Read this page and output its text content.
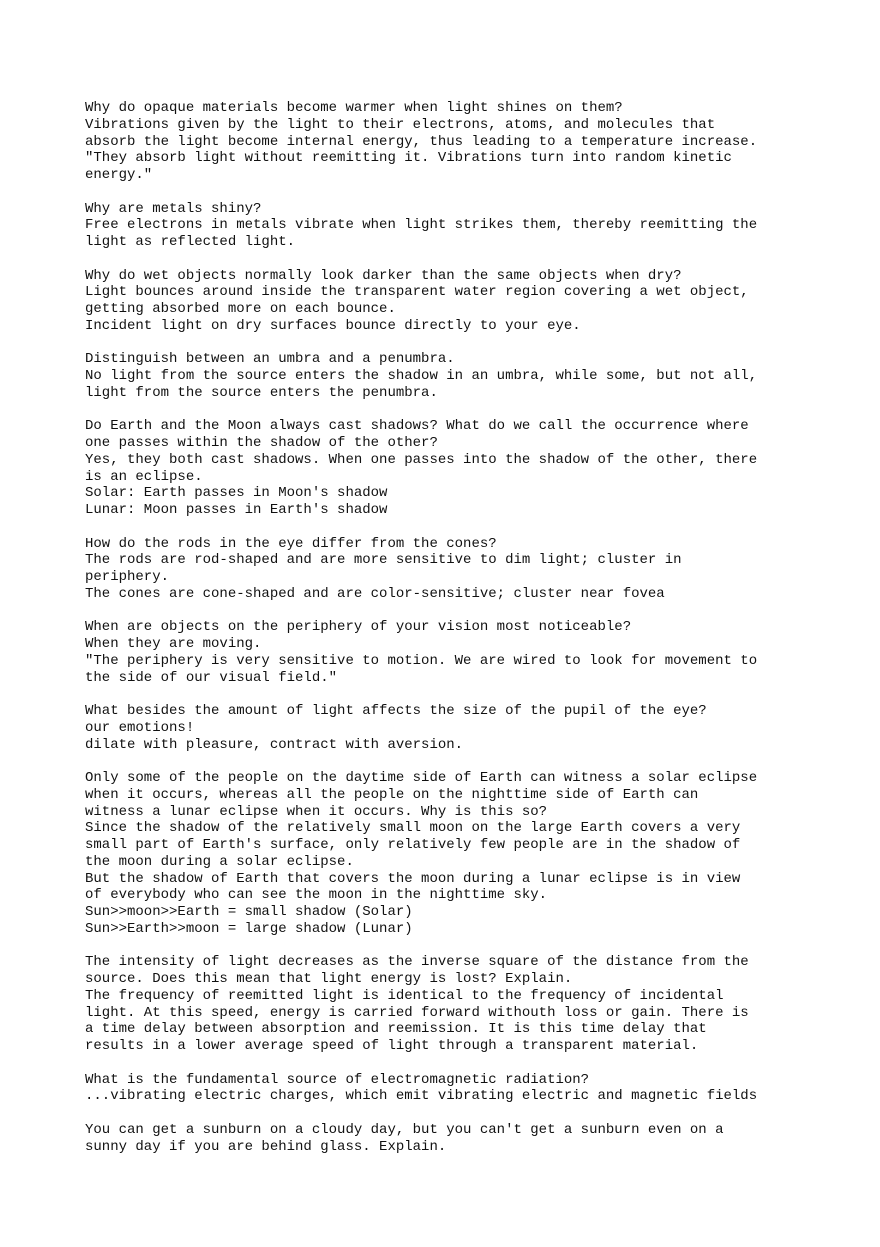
Why do opaque materials become warmer when light shines on them?
Vibrations given by the light to their electrons, atoms, and molecules that
absorb the light become internal energy, thus leading to a temperature increase.
"They absorb light without reemitting it. Vibrations turn into random kinetic
energy."
Why are metals shiny?
Free electrons in metals vibrate when light strikes them, thereby reemitting the
light as reflected light.
Why do wet objects normally look darker than the same objects when dry?
Light bounces around inside the transparent water region covering a wet object,
getting absorbed more on each bounce.
Incident light on dry surfaces bounce directly to your eye.
Distinguish between an umbra and a penumbra.
No light from the source enters the shadow in an umbra, while some, but not all,
light from the source enters the penumbra.
Do Earth and the Moon always cast shadows? What do we call the occurrence where
one passes within the shadow of the other?
Yes, they both cast shadows. When one passes into the shadow of the other, there
is an eclipse.
Solar: Earth passes in Moon's shadow
Lunar: Moon passes in Earth's shadow
How do the rods in the eye differ from the cones?
The rods are rod-shaped and are more sensitive to dim light; cluster in
periphery.
The cones are cone-shaped and are color-sensitive; cluster near fovea
When are objects on the periphery of your vision most noticeable?
When they are moving.
"The periphery is very sensitive to motion. We are wired to look for movement to
the side of our visual field."
What besides the amount of light affects the size of the pupil of the eye?
our emotions!
dilate with pleasure, contract with aversion.
Only some of the people on the daytime side of Earth can witness a solar eclipse
when it occurs, whereas all the people on the nighttime side of Earth can
witness a lunar eclipse when it occurs. Why is this so?
Since the shadow of the relatively small moon on the large Earth covers a very
small part of Earth's surface, only relatively few people are in the shadow of
the moon during a solar eclipse.
But the shadow of Earth that covers the moon during a lunar eclipse is in view
of everybody who can see the moon in the nighttime sky.
Sun>>moon>>Earth = small shadow (Solar)
Sun>>Earth>>moon = large shadow (Lunar)
The intensity of light decreases as the inverse square of the distance from the
source. Does this mean that light energy is lost? Explain.
The frequency of reemitted light is identical to the frequency of incidental
light. At this speed, energy is carried forward withouth loss or gain. There is
a time delay between absorption and reemission. It is this time delay that
results in a lower average speed of light through a transparent material.
What is the fundamental source of electromagnetic radiation?
...vibrating electric charges, which emit vibrating electric and magnetic fields
You can get a sunburn on a cloudy day, but you can't get a sunburn even on a
sunny day if you are behind glass. Explain.
